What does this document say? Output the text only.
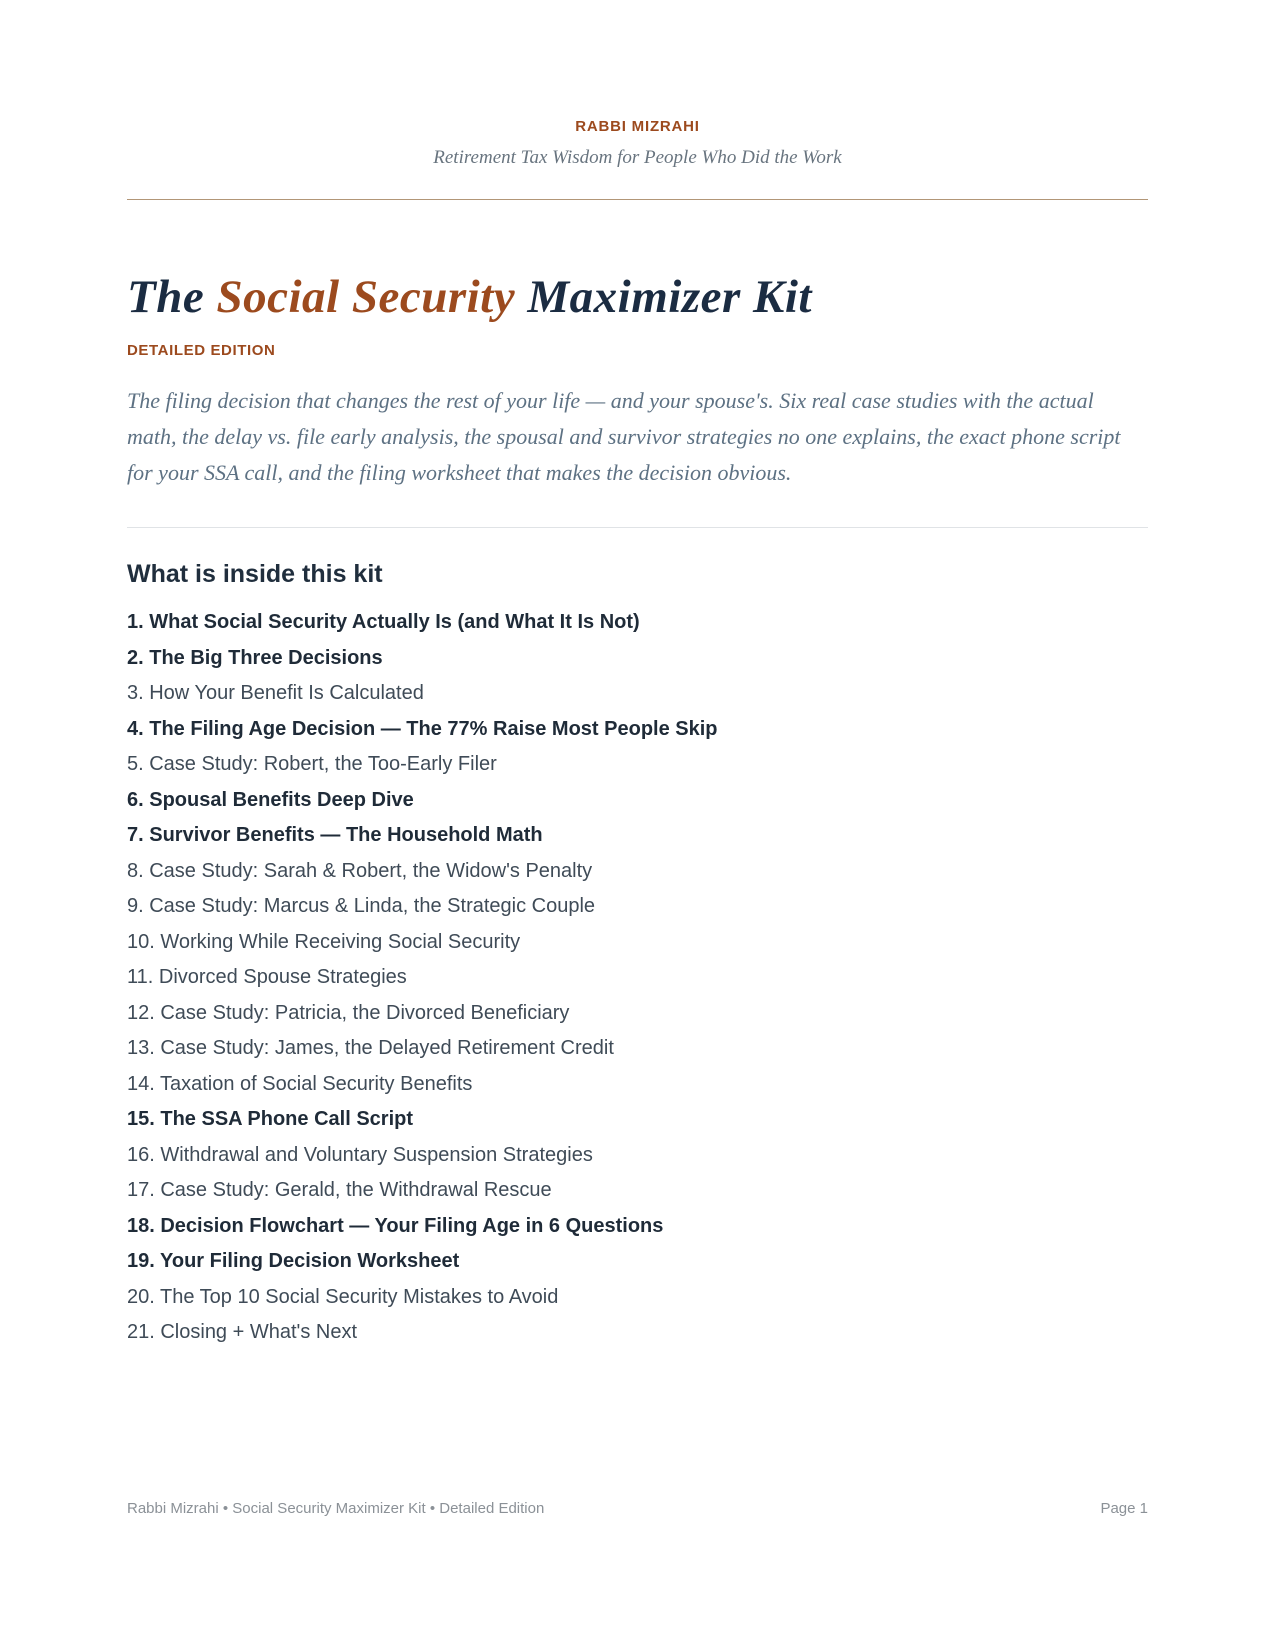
RABBI MIZRAHI
Retirement Tax Wisdom for People Who Did the Work
The Social Security Maximizer Kit
DETAILED EDITION

The filing decision that changes the rest of your life — and your spouse's. Six real case studies with the actual math, the delay vs. file early analysis, the spousal and survivor strategies no one explains, the exact phone script for your SSA call, and the filing worksheet that makes the decision obvious.

What is inside this kit
1. What Social Security Actually Is (and What It Is Not)
2. The Big Three Decisions
3. How Your Benefit Is Calculated
4. The Filing Age Decision — The 77% Raise Most People Skip
5. Case Study: Robert, the Too-Early Filer
6. Spousal Benefits Deep Dive
7. Survivor Benefits — The Household Math
8. Case Study: Sarah & Robert, the Widow's Penalty
9. Case Study: Marcus & Linda, the Strategic Couple
10. Working While Receiving Social Security
11. Divorced Spouse Strategies
12. Case Study: Patricia, the Divorced Beneficiary
13. Case Study: James, the Delayed Retirement Credit
14. Taxation of Social Security Benefits
15. The SSA Phone Call Script
16. Withdrawal and Voluntary Suspension Strategies
17. Case Study: Gerald, the Withdrawal Rescue
18. Decision Flowchart — Your Filing Age in 6 Questions
19. Your Filing Decision Worksheet
20. The Top 10 Social Security Mistakes to Avoid
21. Closing + What's Next
Rabbi Mizrahi • Social Security Maximizer Kit • Detailed Edition	Page 1
